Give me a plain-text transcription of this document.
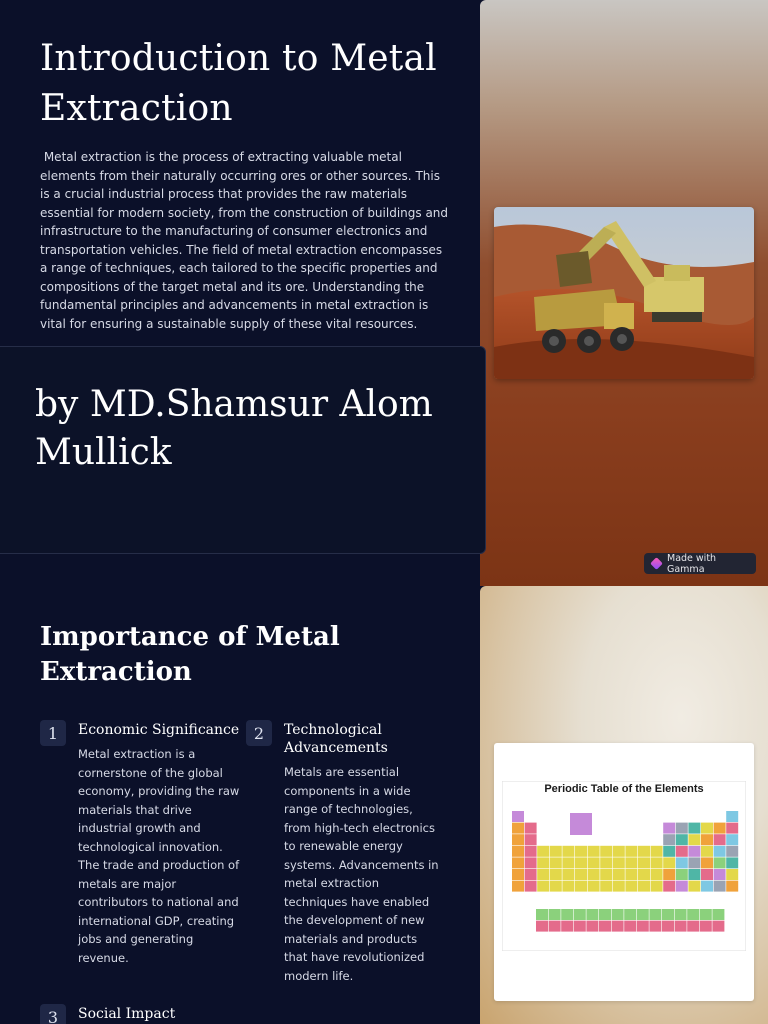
Introduction to Metal Extraction

Metal extraction is the process of extracting valuable metal elements from their naturally occurring ores or other sources. This is a crucial industrial process that provides the raw materials essential for modern society, from the construction of buildings and infrastructure to the manufacturing of consumer electronics and transportation vehicles. The field of metal extraction encompasses a range of techniques, each tailored to the specific properties and compositions of the target metal and its ore. Understanding the fundamental principles and advancements in metal extraction is vital for ensuring a sustainable supply of these vital resources.

by MD.Shamsur Alom Mullick
Made with Gamma
Importance of Metal Extraction
1	Economic Significance
Metal extraction is a cornerstone of the global economy, providing the raw materials that drive industrial growth and technological innovation. The trade and production of metals are major contributors to national and international GDP, creating jobs and generating revenue.
2	Technological Advancements
Metals are essential components in a wide range of technologies, from high-tech electronics to renewable energy systems. Advancements in metal extraction techniques have enabled the development of new materials and products that have revolutionized modern life.
3	Social Impact
Periodic Table of the Elements
